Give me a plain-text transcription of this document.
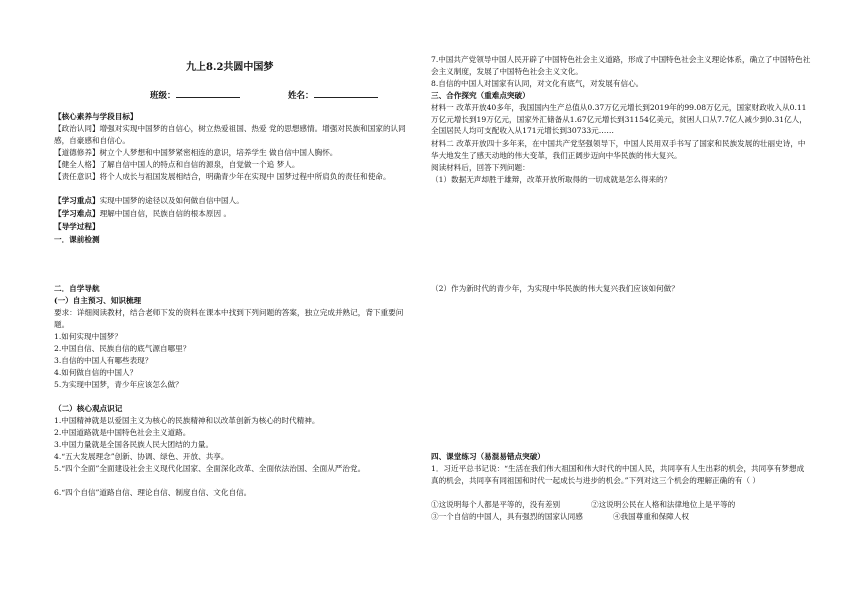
九上8.2共圆中国梦
班级：	姓名：
【核心素养与学段目标】
【政治认同】增强对实现中国梦的自信心，树立热爱祖国、热爱 党的思想感情。增强对民族和国家的认同感，自豪感和自信心。
【道德修养】树立个人梦想和中国梦紧密相连的意识，培养学生 做自信中国人胸怀。
【健全人格】了解自信中国人的特点和自信的源泉，自觉做一个追 梦人。
【责任意识】将个人成长与祖国发展相结合，明确青少年在实现中 国梦过程中所肩负的责任和使命。
【学习重点】实现中国梦的途径以及如何做自信中国人。
【学习难点】理解中国自信，民族自信的根本原因 。
【导学过程】
一．课前检测
二．自学导航
(一）自主预习、知识梳理
要求：详细阅读教材，结合老师下发的资料在课本中找到下列问题的答案，独立完成并熟记，背下重要问题。
1.如何实现中国梦？
2.中国自信、民族自信的底气源自哪里？
3.自信的中国人有哪些表现？
4.如何做自信的中国人？
5.为实现中国梦，青少年应该怎么做？
（二）核心观点识记
1.中国精神就是以爱国主义为核心的民族精神和以改革创新为核心的时代精神。
2.中国道路就是中国特色社会主义道路。
3.中国力量就是全国各民族人民大团结的力量。
4.“五大发展理念”创新、协调、绿色、开放、共享。
5.“四个全面”全面建设社会主义现代化国家、全面深化改革、全面依法治国、全面从严治党。
6.“四个自信”道路自信、理论自信、制度自信、文化自信。
7.中国共产党领导中国人民开辟了中国特色社会主义道路，形成了中国特色社会主义理论体系，确立了中国特色社会主义制度，发展了中国特色社会主义文化。
8.自信的中国人对国家有认同，对文化有底气，对发展有信心。
三、合作探究（重难点突破）
材料一 改革开放40多年，我国国内生产总值从0.37万亿元增长到2019年的99.08万亿元，国家财政收入从0.11万亿元增长到19万亿元，国家外汇储备从1.67亿元增长到31154亿美元，贫困人口从7.7亿人减少到0.31亿人，全国居民人均可支配收入从171元增长到30733元……
材料二 改革开放四十多年来，在中国共产党坚强领导下，中国人民用双手书写了国家和民族发展的壮丽史诗，中华大地发生了感天动地的伟大变革，我们正阔步迈向中华民族的伟大复兴。
阅读材料后，回答下列问题：
（1）数据无声却胜于雄辩，改革开放所取得的一切成就是怎么得来的？
（2）作为新时代的青少年，为实现中华民族的伟大复兴我们应该如何做？
四、课堂练习（易混易错点突破）
1．习近平总书记说：“生活在我们伟大祖国和伟大时代的中国人民，共同享有人生出彩的机会，共同享有梦想成真的机会，共同享有同祖国和时代一起成长与进步的机会。”下列对这三个机会的理解正确的有（ ）
①这说明每个人都是平等的，没有差别	②这说明公民在人格和法律地位上是平等的
③一个自信的中国人，具有强烈的国家认同感	④我国尊重和保障人权
